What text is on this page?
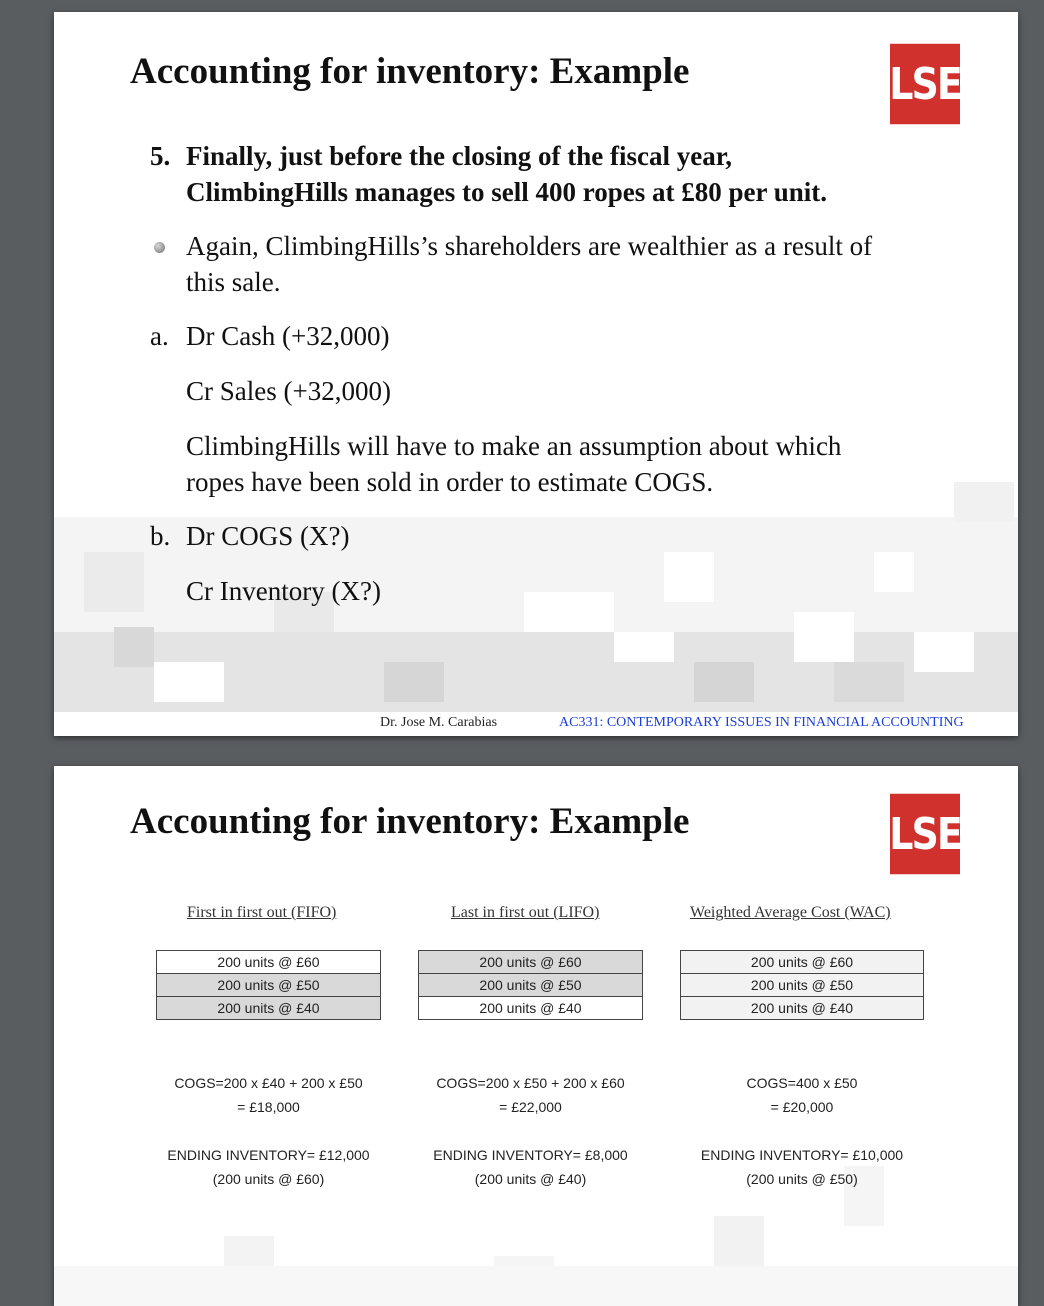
Accounting for inventory: Example	LSE
5. Finally, just before the closing of the fiscal year,
ClimbingHills manages to sell 400 ropes at £80 per unit.
Again, ClimbingHills’s shareholders are wealthier as a result of
this sale.
a. Dr Cash (+32,000)
Cr Sales (+32,000)
ClimbingHills will have to make an assumption about which
ropes have been sold in order to estimate COGS.
b. Dr COGS (X?)
Cr Inventory (X?)
Dr. Jose M. Carabias	AC331: CONTEMPORARY ISSUES IN FINANCIAL ACCOUNTING
Accounting for inventory: Example	LSE
First in first out (FIFO)
200 units @ £60
200 units @ £50
200 units @ £40
COGS=200 x £40 + 200 x £50
= £18,000
ENDING INVENTORY= £12,000
(200 units @ £60)
Last in first out (LIFO)
200 units @ £60
200 units @ £50
200 units @ £40
COGS=200 x £50 + 200 x £60
= £22,000
ENDING INVENTORY= £8,000
(200 units @ £40)
Weighted Average Cost (WAC)
200 units @ £60
200 units @ £50
200 units @ £40
COGS=400 x £50
= £20,000
ENDING INVENTORY= £10,000
(200 units @ £50)
